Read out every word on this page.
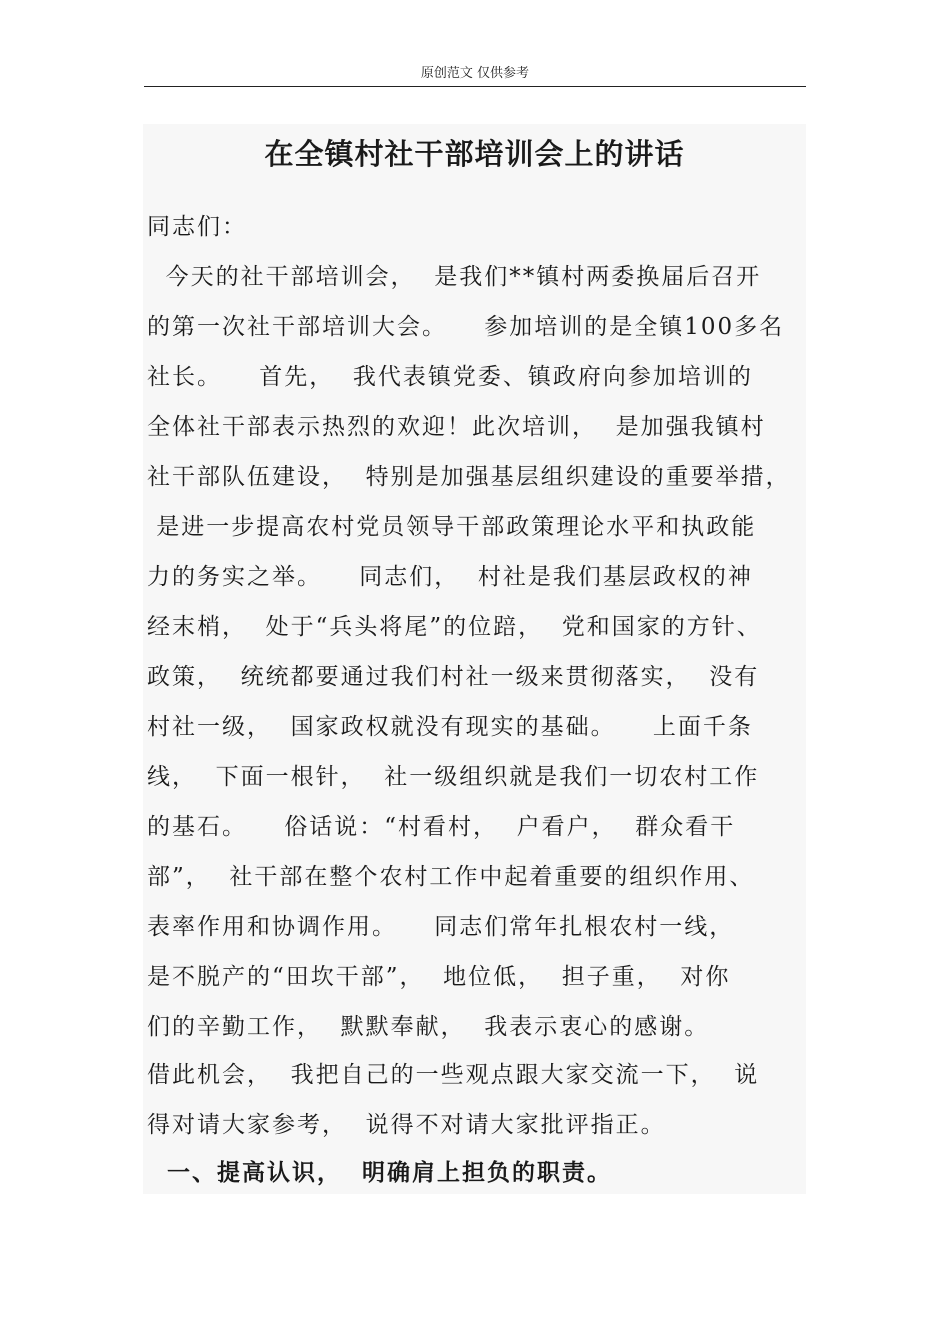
原创范文 仅供参考
在全镇村社干部培训会上的讲话
同志们：
今天的社干部培训会，  是我们**镇村两委换届后召开
的第一次社干部培训大会。    参加培训的是全镇100多名
社长。    首先，  我代表镇党委、镇政府向参加培训的
全体社干部表示热烈的欢迎！此次培训，  是加强我镇村
社干部队伍建设，  特别是加强基层组织建设的重要举措，
是进一步提高农村党员领导干部政策理论水平和执政能
力的务实之举。    同志们，  村社是我们基层政权的神
经末梢，  处于“兵头将尾”的位踣，  党和国家的方针、
政策，  统统都要通过我们村社一级来贯彻落实，  没有
村社一级，  国家政权就没有现实的基础。    上面千条
线，  下面一根针，  社一级组织就是我们一切农村工作
的基石。    俗话说：“村看村，  户看户，  群众看干
部”，  社干部在整个农村工作中起着重要的组织作用、
表率作用和协调作用。    同志们常年扎根农村一线，
是不脱产的“田坎干部”，  地位低，  担子重，  对你
们的辛勤工作，  默默奉献，  我表示衷心的感谢。
借此机会，  我把自己的一些观点跟大家交流一下，  说
得对请大家参考，  说得不对请大家批评指正。
一、提高认识，  明确肩上担负的职责。
